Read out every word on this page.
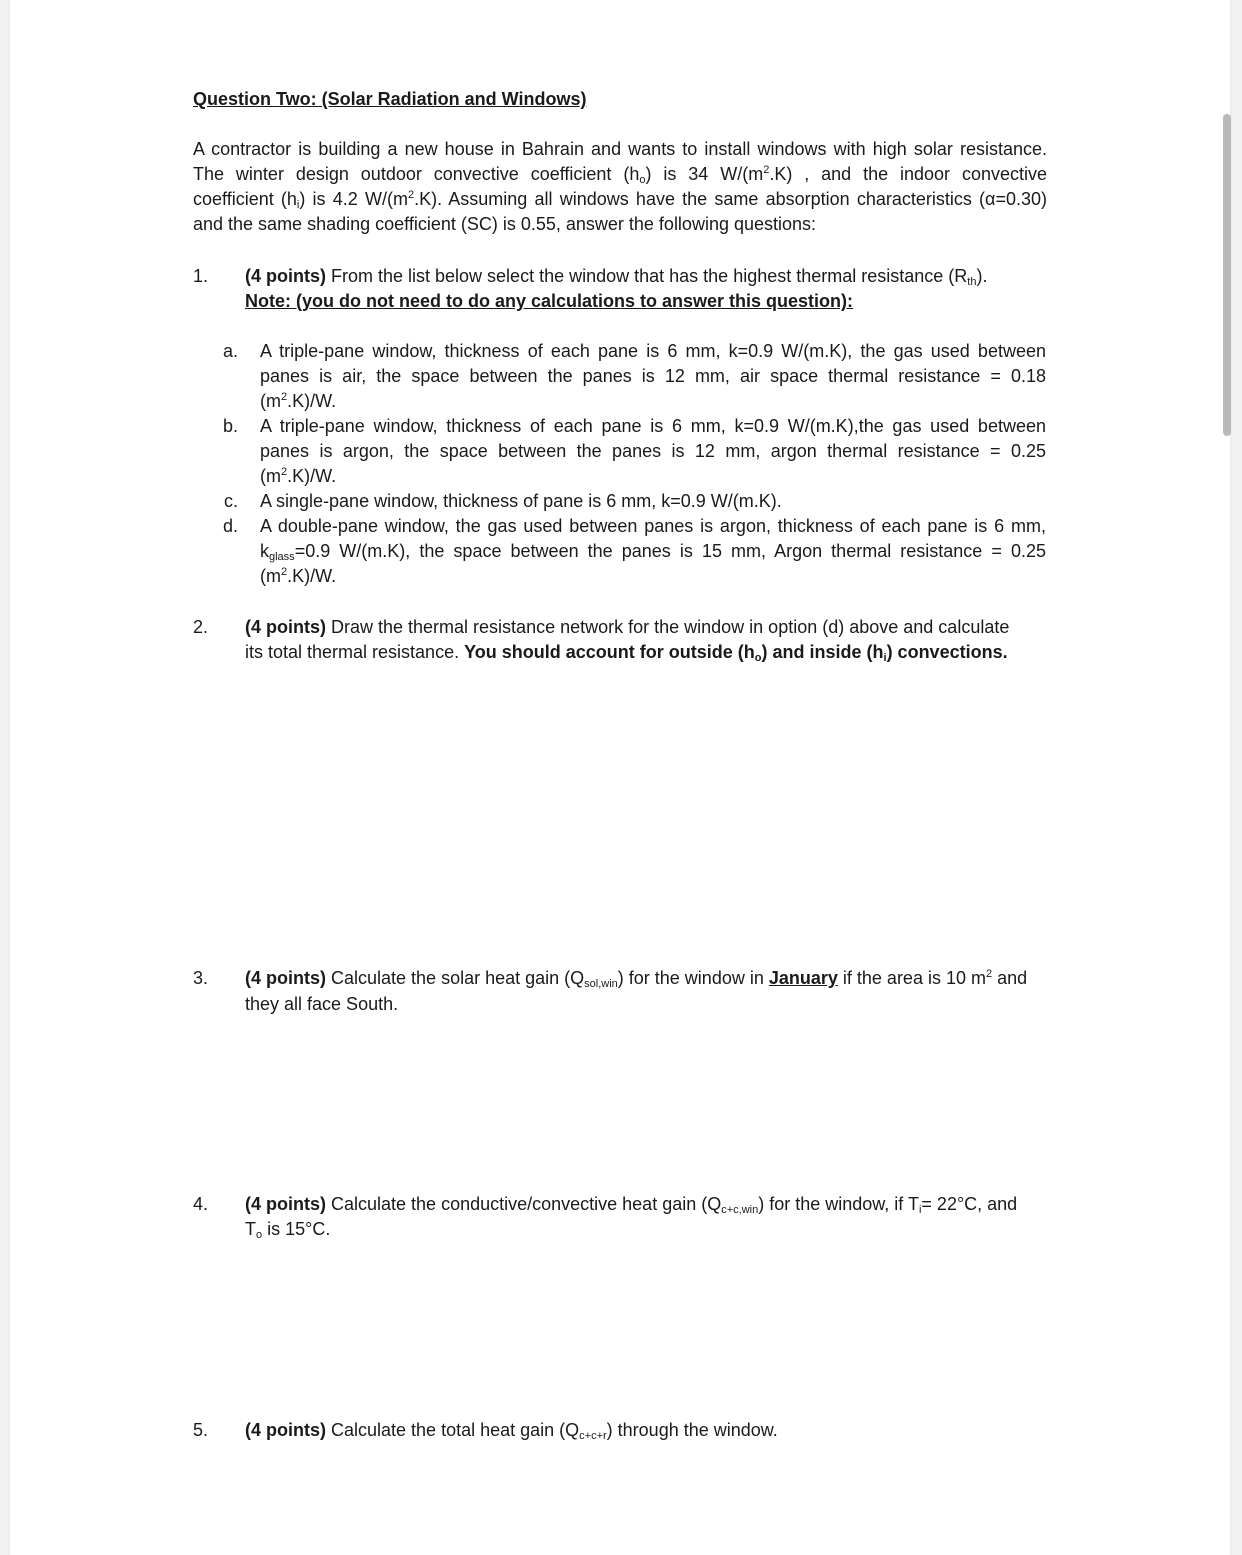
Question Two: (Solar Radiation and Windows)
A contractor is building a new house in Bahrain and wants to install windows with high solar resistance.
The winter design outdoor convective coefficient $(h_o)$ is 34 $W/(m^2.K)$ , and the indoor convective
coefficient $(h_i)$ is 4.2 $W/(m^2.K)$. Assuming all windows have the same absorption characteristics (α=0.30)
and the same shading coefficient (SC) is 0.55, answer the following questions:
1. (4 points) From the list below select the window that has the highest thermal resistance $(R_{th})$.
Note: (you do not need to do any calculations to answer this question):
a. A triple-pane window, thickness of each pane is 6 mm, k=0.9 W/(m.K), the gas used between
panes is air, the space between the panes is 12 mm, air space thermal resistance = 0.18
$(m^2.K)/W$.
b. A triple-pane window, thickness of each pane is 6 mm, k=0.9 W/(m.K),the gas used between
panes is argon, the space between the panes is 12 mm, argon thermal resistance = 0.25
$(m^2.K)/W$.
c. A single-pane window, thickness of pane is 6 mm, k=0.9 W/(m.K).
d. A double-pane window, the gas used between panes is argon, thickness of each pane is 6 mm,
$k_{glass}=0.9$ W/(m.K), the space between the panes is 15 mm, Argon thermal resistance = 0.25
$(m^2.K)/W$.
2. (4 points) Draw the thermal resistance network for the window in option (d) above and calculate
its total thermal resistance. You should account for outside $(h_o)$ and inside $(h_i)$ convections.
3. (4 points) Calculate the solar heat gain $(Q_{sol,win})$ for the window in January if the area is 10 $m^2$ and
they all face South.
4. (4 points) Calculate the conductive/convective heat gain $(Q_{c+c,win})$ for the window, if $T_i= 22^\circ C$, and
$T_o$ is 15°C.
5. (4 points) Calculate the total heat gain $(Q_{c+c+r})$ through the window.
